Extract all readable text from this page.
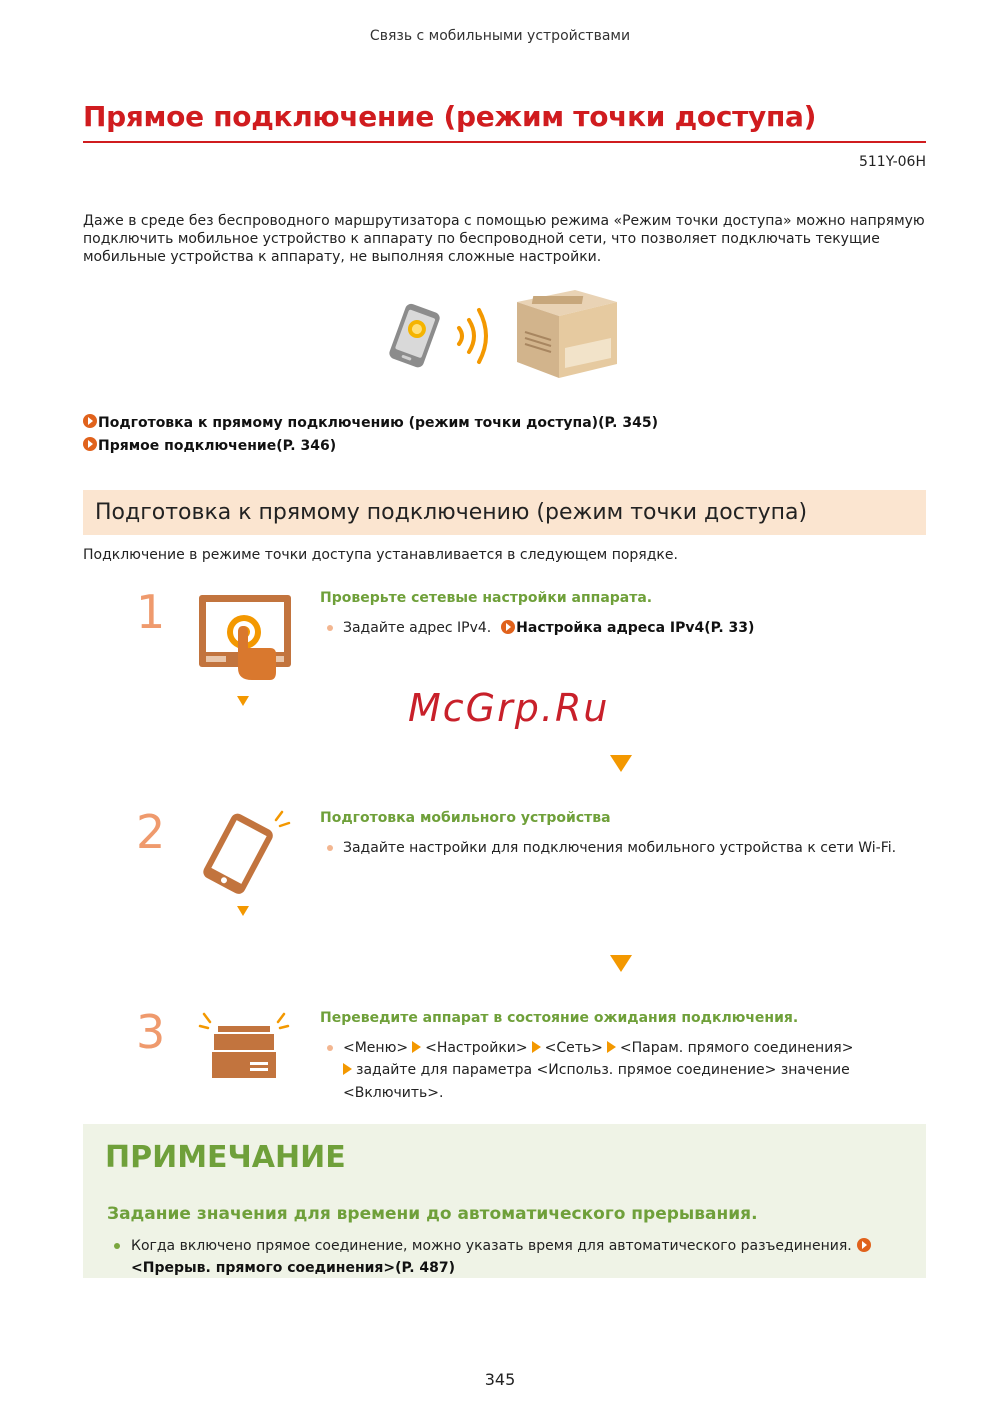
Связь с мобильными устройствами
Прямое подключение (режим точки доступа)
511Y-06H
Даже в среде без беспроводного маршрутизатора с помощью режима «Режим точки доступа» можно напрямую подключить мобильное устройство к аппарату по беспроводной сети, что позволяет подключать текущие мобильные устройства к аппарату, не выполняя сложные настройки.
Подготовка к прямому подключению (режим точки доступа)(P. 345)
Прямое подключение(P. 346)
Подготовка к прямому подключению (режим точки доступа)
Подключение в режиме точки доступа устанавливается в следующем порядке.
1	Проверьте сетевые настройки аппарата.
Задайте адрес IPv4. Настройка адреса IPv4(P. 33)
McGrp.Ru
2	Подготовка мобильного устройства
Задайте настройки для подключения мобильного устройства к сети Wi-Fi.
3	Переведите аппарат в состояние ожидания подключения.
<Меню> <Настройки> <Сеть> <Парам. прямого соединения>
задайте для параметра <Использ. прямое соединение> значение
<Включить>.
ПРИМЕЧАНИЕ
Задание значения для времени до автоматического прерывания.
Когда включено прямое соединение, можно указать время для автоматического разъединения.
<Прерыв. прямого соединения>(P. 487)
345
